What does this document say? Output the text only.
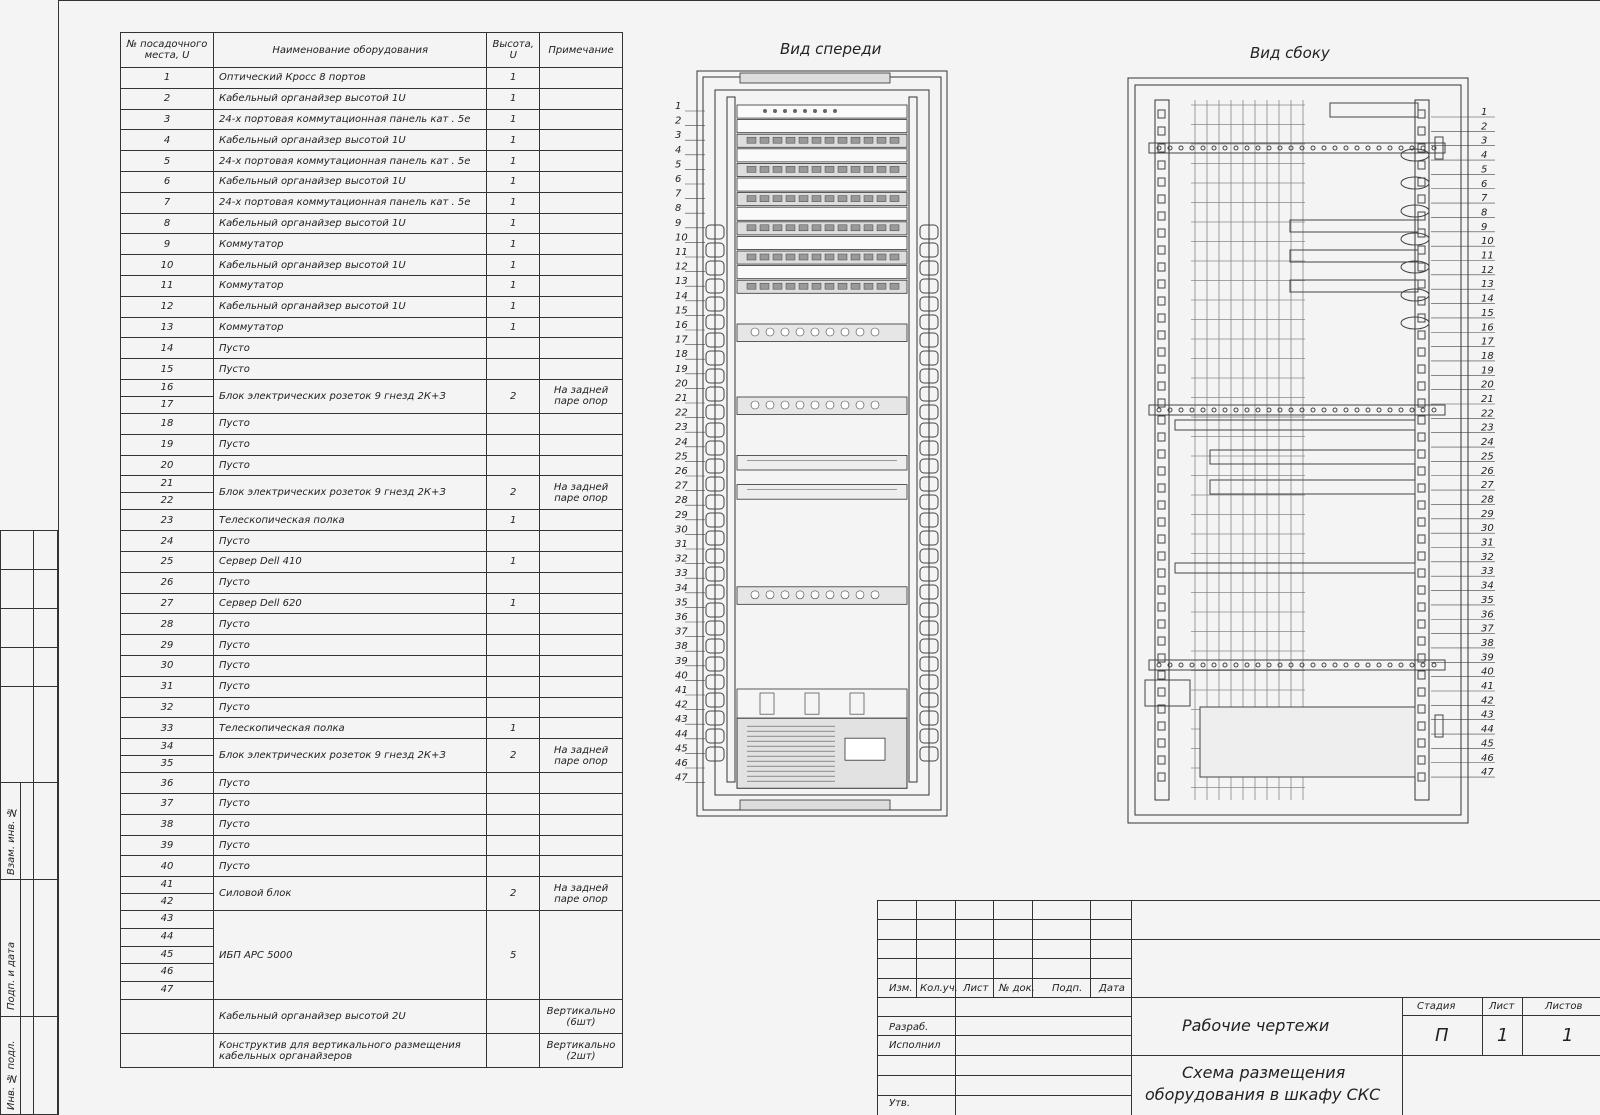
Взам. инв. №
Подп. и дата
Инв. № подл.
№ посадочного места, U	Наименование оборудования	Высота, U	Примечание
1	Оптический Кросс 8 портов	1	
2	Кабельный органайзер высотой 1U	1	
3	24-х портовая коммутационная панель кат . 5е	1	
4	Кабельный органайзер высотой 1U	1	
5	24-х портовая коммутационная панель кат . 5е	1	
6	Кабельный органайзер высотой 1U	1	
7	24-х портовая коммутационная панель кат . 5е	1	
8	Кабельный органайзер высотой 1U	1	
9	Коммутатор	1	
10	Кабельный органайзер высотой 1U	1	
11	Коммутатор	1	
12	Кабельный органайзер высотой 1U	1	
13	Коммутатор	1	
14	Пусто		
15	Пусто		

16
17	Блок электрических розеток 9 гнезд 2К+З	2	На задней паре опор
18	Пусто		
19	Пусто		
20	Пусто		

21
22	Блок электрических розеток 9 гнезд 2К+З	2	На задней паре опор
23	Телескопическая полка	1	
24	Пусто		
25	Сервер Dell 410	1	
26	Пусто		
27	Сервер Dell 620	1	
28	Пусто		
29	Пусто		
30	Пусто		
31	Пусто		
32	Пусто		
33	Телескопическая полка	1	

34
35	Блок электрических розеток 9 гнезд 2К+З	2	На задней паре опор
36	Пусто		
37	Пусто		
38	Пусто		
39	Пусто		
40	Пусто		

41
42	Силовой блок	2	На задней паре опор

43
44
45
46
47	ИБП APC 5000	5	
	Кабельный органайзер высотой 2U		Вертикально (6шт)
	Конструктив для вертикального размещения кабельных органайзеров		Вертикально (2шт)
Вид спереди	Вид сбоку
1
2
3
4
5
6
7
8
9
10
11
12
13
14
15
16
17
18
19
20
21
22
23
24
25
26
27
28
29
30
31
32
33
34
35
36
37
38
39
40
41
42
43
44
45
46
47
1
2
3
4
5
6
7
8
9
10
11
12
13
14
15
16
17
18
19
20
21
22
23
24
25
26
27
28
29
30
31
32
33
34
35
36
37
38
39
40
41
42
43
44
45
46
47
Изм. Кол.уч. Лист № док. Подп. Дата
Разраб.
Исполнил
Утв.
Рабочие чертежи
Схема размещения
оборудования в шкафу СКС
Стадия	Лист	Листов
П	1	1
